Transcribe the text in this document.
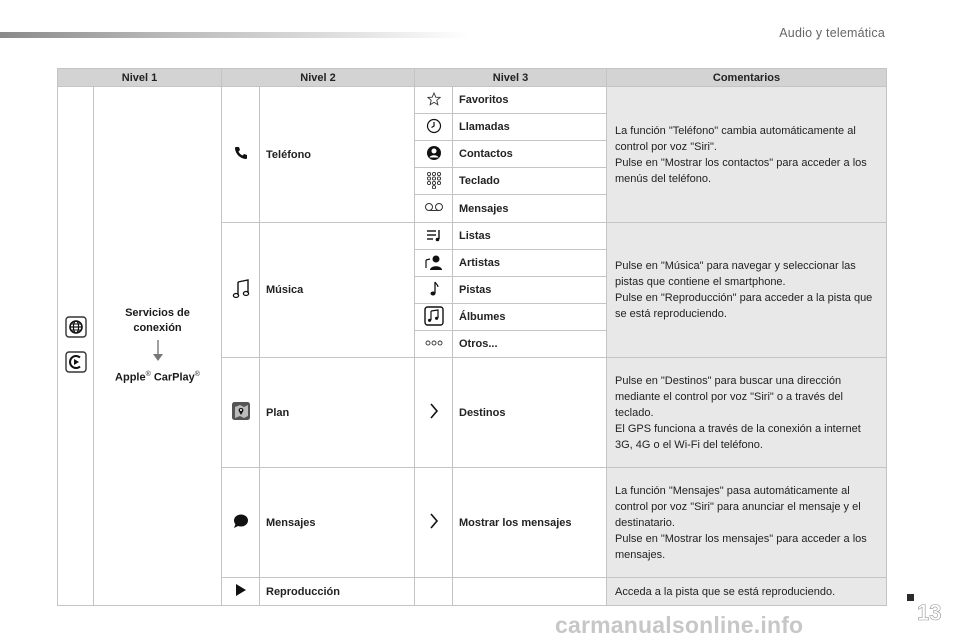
Audio y telemática
Nivel 1		Nivel 2		Nivel 3		Comentarios

Servicios de
conexión
Apple® CarPlay®		Teléfono		Favoritos	La función "Teléfono" cambia automáticamente al control por voz "Siri".
Pulse en "Mostrar los contactos" para acceder a los menús del teléfono.

	Llamadas	
	Contactos	
	Teclado	
	Mensajes	
	Música		Listas	Pulse en "Música" para navegar y seleccionar las pistas que contiene el smartphone.
Pulse en "Reproducción" para acceder a la pista que se está reproduciendo.

	Artistas	
	Pistas	
	Álbumes	
	Otros...	
	Plan		Destinos	Pulse en "Destinos" para buscar una dirección mediante el control por voz "Siri" o a través del teclado.
El GPS funciona a través de la conexión a internet 3G, 4G o el Wi-Fi del teléfono.

	Mensajes		Mostrar los mensajes	La función "Mensajes" pasa automáticamente al control por voz "Siri" para anunciar el mensaje y el destinatario.
Pulse en "Mostrar los mensajes" para acceder a los mensajes.

	Reproducción			Acceda a la pista que se está reproduciendo.
13
carmanualsonline.info
